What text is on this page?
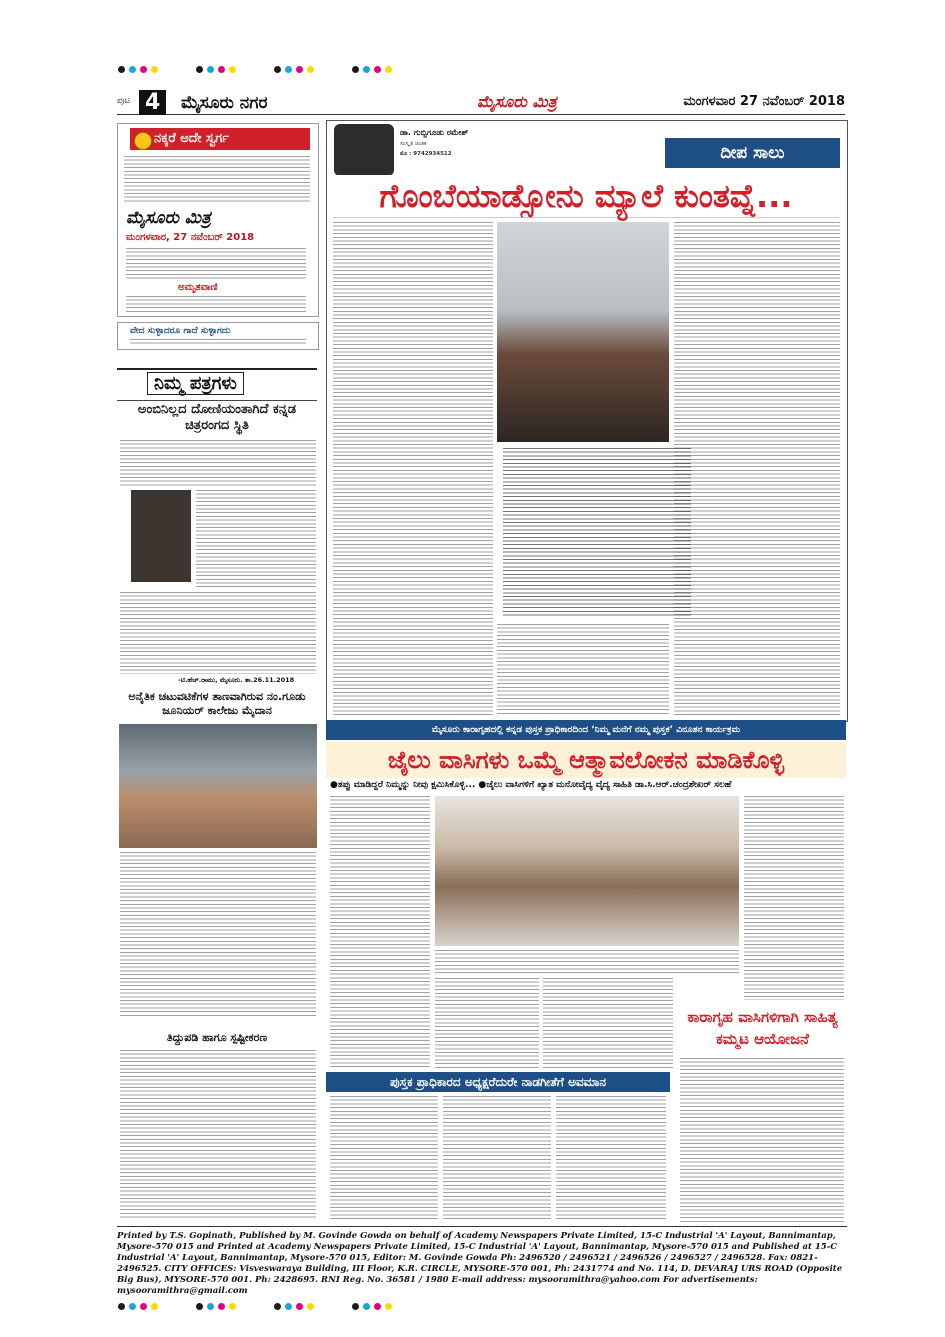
ಪುಟ 4	ಮೈಸೂರು ನಗರ	ಮೈಸೂರು ಮಿತ್ರ	ಮಂಗಳವಾರ 27 ನವೆಂಬರ್ 2018
ನಕ್ಕರೆ ಅದೇ ಸ್ವರ್ಗ
ಮೈಸೂರು ಮಿತ್ರ
ಮಂಗಳವಾರ, 27 ನವೆಂಬರ್ 2018
ಅಮೃತವಾಣಿ
ವೇದ ಸುಳ್ಳಾದರೂ ಗಾದೆ ಸುಳ್ಳಾಗದು
ನಿಮ್ಮ ಪತ್ರಗಳು
ಅಂಬಿನಿಲ್ಲದ ದೋಣಿಯಂತಾಗಿದೆ ಕನ್ನಡ ಚಿತ್ರರಂಗದ ಸ್ಥಿತಿ
-ಟಿ.ಹೆಚ್.ರಾಮು, ಮೈಸೂರು. ತಾ.26.11.2018
ಅನೈತಿಕ ಚಟುವಟಿಕೆಗಳ ತಾಣವಾಗಿರುವ ನಂ.ಗೂಡು ಜೂನಿಯರ್ ಕಾಲೇಜು ಮೈದಾನ
ತಿದ್ದುಪಡಿ ಹಾಗೂ ಸ್ಪಷ್ಟೀಕರಣ
ಡಾ. ಗುಬ್ಬಿಗೂಡು ರಮೇಶ್
ಸಂಸ್ಕೃತಿ ಚಿಂತಕ
ಮೊ : 9742934512	ದೀಪ ಸಾಲು
ಗೊಂಬೆಯಾಡ್ಸೋನು ಮ್ಯಾಲೆ ಕುಂತವ್ನೆ...
ಮೈಸೂರು ಕಾರಾಗೃಹದಲ್ಲಿ ಕನ್ನಡ ಪುಸ್ತಕ ಪ್ರಾಧಿಕಾರದಿಂದ ‘ನಿಮ್ಮ ಮನೆಗೆ ನಮ್ಮ ಪುಸ್ತಕ’ ವಿನೂತನ ಕಾರ್ಯಕ್ರಮ
ಜೈಲು ವಾಸಿಗಳು ಒಮ್ಮೆ ಆತ್ಮಾವಲೋಕನ ಮಾಡಿಕೊಳ್ಳಿ
●ತಪ್ಪು ಮಾಡಿದ್ದರೆ ನಿಮ್ಮನ್ನು ನೀವು ಕ್ಷಮಿಸಿಕೊಳ್ಳಿ... ●ಜೈಲು ವಾಸಿಗಳಿಗೆ ಖ್ಯಾತ ಮನೋವೈದ್ಯ ವೈದ್ಯ ಸಾಹಿತಿ ಡಾ.ಸಿ.ಆರ್.ಚಂದ್ರಶೇಖರ್ ಸಲಹೆ
ಕಾರಾಗೃಹ ವಾಸಿಗಳಿಗಾಗಿ ಸಾಹಿತ್ಯ ಕಮ್ಮಟ ಆಯೋಜನೆ
ಪುಸ್ತಕ ಪ್ರಾಧಿಕಾರದ ಅಧ್ಯಕ್ಷರೆದುರೇ ನಾಡಗೀತೆಗೆ ಅವಮಾನ
Printed by T.S. Gopinath, Published by M. Govinde Gowda on behalf of Academy Newspapers Private Limited, 15-C Industrial 'A' Layout, Bannimantap, Mysore-570 015 and Printed at Academy Newspapers Private Limited, 15-C Industrial 'A' Layout, Bannimantap, Mysore-570 015 and Published at 15-C Industrial 'A' Layout, Bannimantap, Mysore-570 015, Editor: M. Govinde Gowda Ph: 2496520 / 2496521 / 2496526 / 2496527 / 2496528. Fax: 0821-2496525. CITY OFFICES: Visveswaraya Building, III Floor, K.R. CIRCLE, MYSORE-570 001, Ph: 2431774 and No. 114, D. DEVARAJ URS ROAD (Opposite Big Bus), MYSORE-570 001. Ph: 2428695. RNI Reg. No. 36581 / 1980 E-mail address: mysooramithra@yahoo.com For advertisements: mysooramithra@gmail.com
